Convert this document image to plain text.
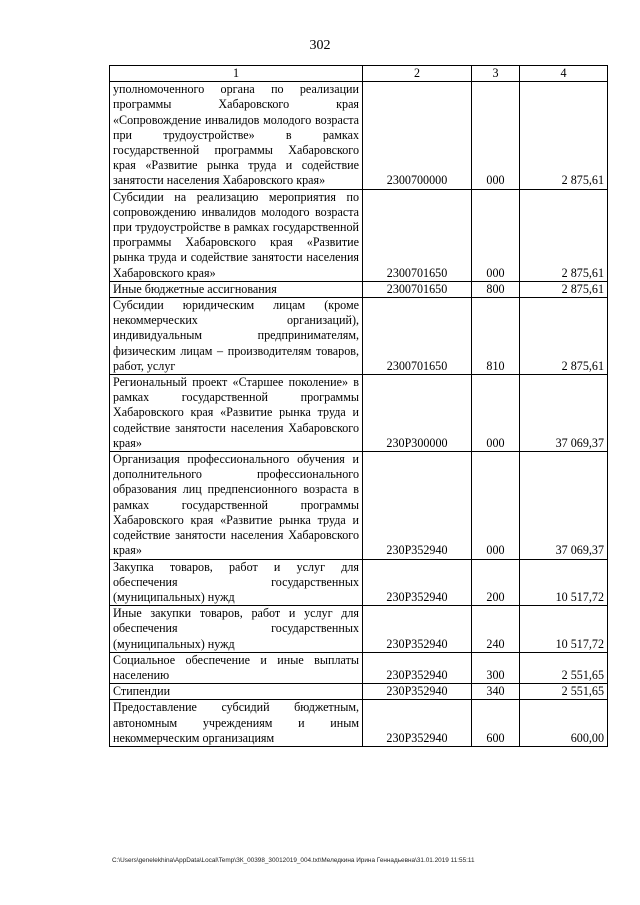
302
1	2	3	4
уполномоченного органа по реализации программы Хабаровского края «Сопровождение инвалидов молодого возраста при трудоустройстве» в рамках государственной программы Хабаровского края «Развитие рынка труда и содействие занятости населения Хабаровского края»	2300700000	000	2 875,61
Субсидии на реализацию мероприятия по сопровождению инвалидов молодого возраста при трудоустройстве в рамках государственной программы Хабаровского края «Развитие рынка труда и содействие занятости населения Хабаровского края»	2300701650	000	2 875,61
Иные бюджетные ассигнования	2300701650	800	2 875,61
Субсидии юридическим лицам (кроме некоммерческих организаций), индивидуальным предпринимателям, физическим лицам – производителям товаров, работ, услуг	2300701650	810	2 875,61
Региональный проект «Старшее поколение» в рамках государственной программы Хабаровского края «Развитие рынка труда и содействие занятости населения Хабаровского края»	230P300000	000	37 069,37
Организация профессионального обучения и дополнительного профессионального образования лиц предпенсионного возраста в рамках государственной программы Хабаровского края «Развитие рынка труда и содействие занятости населения Хабаровского края»	230P352940	000	37 069,37
Закупка товаров, работ и услуг для обеспечения государственных (муниципальных) нужд	230P352940	200	10 517,72
Иные закупки товаров, работ и услуг для обеспечения государственных (муниципальных) нужд	230P352940	240	10 517,72
Социальное обеспечение и иные выплаты населению	230P352940	300	2 551,65
Стипендии	230P352940	340	2 551,65
Предоставление субсидий бюджетным, автономным учреждениям и иным некоммерческим организациям	230P352940	600	600,00
C:\Users\genelekhina\AppData\Local\Temp\ЗК_00398_30012019_004.txt\Меледкина Ирина Геннадьевна\31.01.2019 11:55:11
